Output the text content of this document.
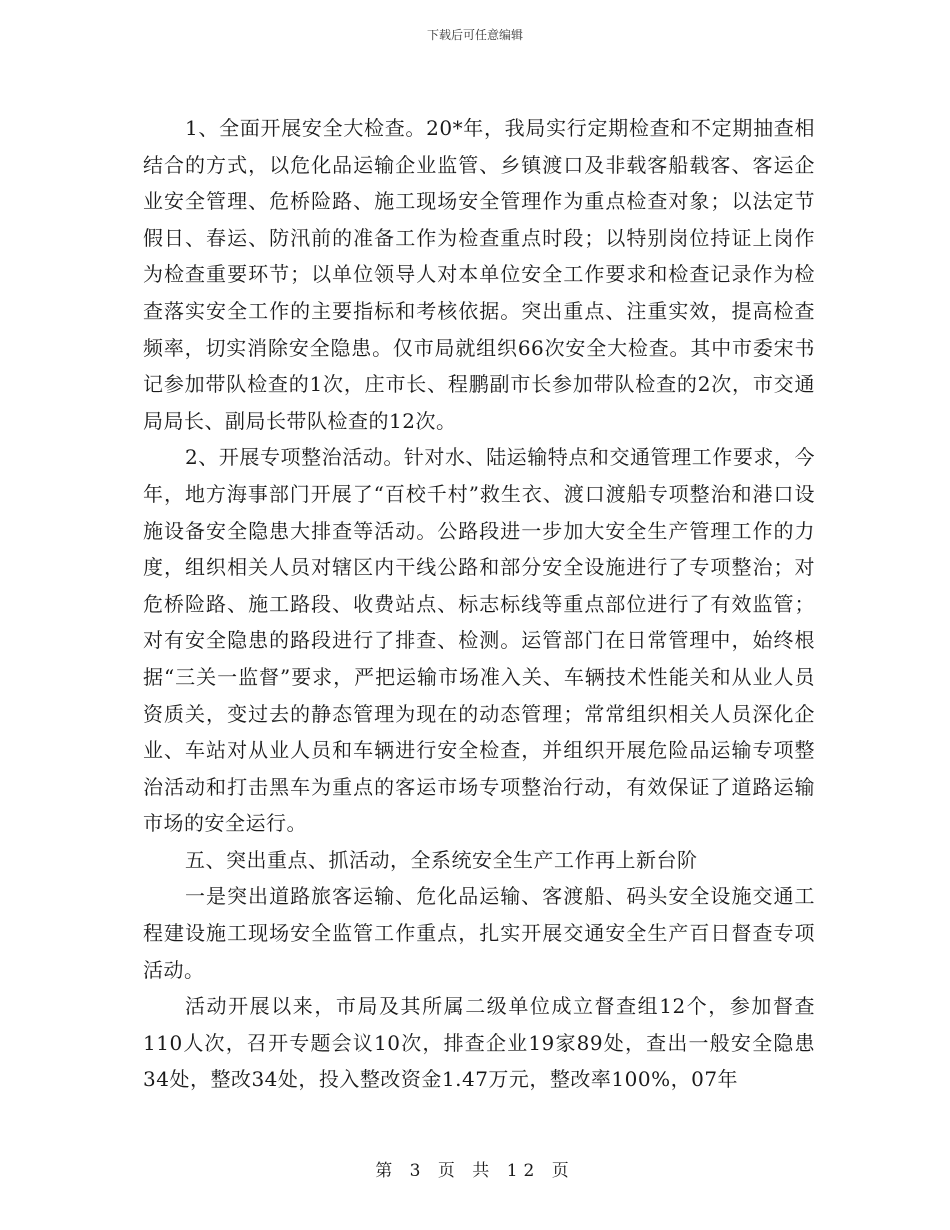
下载后可任意编辑

1、全面开展安全大检查。20*年，我局实行定期检查和不定期抽查相结合的方式，以危化品运输企业监管、乡镇渡口及非载客船载客、客运企业安全管理、危桥险路、施工现场安全管理作为重点检查对象；以法定节假日、春运、防汛前的准备工作为检查重点时段；以特别岗位持证上岗作为检查重要环节；以单位领导人对本单位安全工作要求和检查记录作为检查落实安全工作的主要指标和考核依据。突出重点、注重实效，提高检查频率，切实消除安全隐患。仅市局就组织66次安全大检查。其中市委宋书记参加带队检查的1次，庄市长、程鹏副市长参加带队检查的2次，市交通局局长、副局长带队检查的12次。

2、开展专项整治活动。针对水、陆运输特点和交通管理工作要求，今年，地方海事部门开展了“百校千村”救生衣、渡口渡船专项整治和港口设施设备安全隐患大排查等活动。公路段进一步加大安全生产管理工作的力度，组织相关人员对辖区内干线公路和部分安全设施进行了专项整治；对危桥险路、施工路段、收费站点、标志标线等重点部位进行了有效监管；对有安全隐患的路段进行了排查、检测。运管部门在日常管理中，始终根据“三关一监督”要求，严把运输市场准入关、车辆技术性能关和从业人员资质关，变过去的静态管理为现在的动态管理；常常组织相关人员深化企业、车站对从业人员和车辆进行安全检查，并组织开展危险品运输专项整治活动和打击黑车为重点的客运市场专项整治行动，有效保证了道路运输市场的安全运行。

五、突出重点、抓活动，全系统安全生产工作再上新台阶

一是突出道路旅客运输、危化品运输、客渡船、码头安全设施交通工程建设施工现场安全监管工作重点，扎实开展交通安全生产百日督查专项活动。

活动开展以来，市局及其所属二级单位成立督查组12个，参加督查110人次，召开专题会议10次，排查企业19家89处，查出一般安全隐患34处，整改34处，投入整改资金1.47万元，整改率100%，07年

第 3 页 共 12 页
